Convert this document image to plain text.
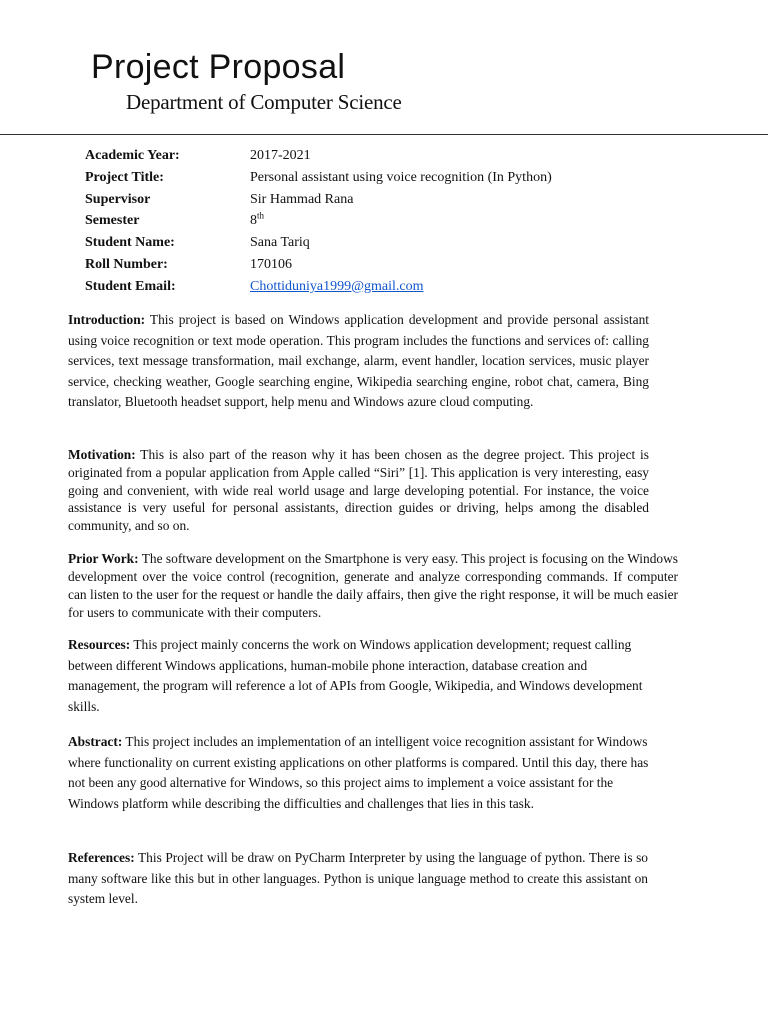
Project Proposal
Department of Computer Science
Academic Year:	2017-2021
Project Title:	Personal assistant using voice recognition (In Python)
Supervisor	Sir Hammad Rana
Semester	8th
Student Name:	Sana Tariq
Roll Number:	170106
Student Email:	Chottiduniya1999@gmail.com

Introduction: This project is based on Windows application development and provide personal assistant using voice recognition or text mode operation. This program includes the functions and services of: calling services, text message transformation, mail exchange, alarm, event handler, location services, music player service, checking weather, Google searching engine, Wikipedia searching engine, robot chat, camera, Bing translator, Bluetooth headset support, help menu and Windows azure cloud computing.

Motivation: This is also part of the reason why it has been chosen as the degree project. This project is originated from a popular application from Apple called “Siri” [1]. This application is very interesting, easy going and convenient, with wide real world usage and large developing potential. For instance, the voice assistance is very useful for personal assistants, direction guides or driving, helps among the disabled community, and so on.

Prior Work: The software development on the Smartphone is very easy. This project is focusing on the Windows development over the voice control (recognition, generate and analyze corresponding commands. If computer can listen to the user for the request or handle the daily affairs, then give the right response, it will be much easier for users to communicate with their computers.

Resources: This project mainly concerns the work on Windows application development; request calling between different Windows applications, human-mobile phone interaction, database creation and management, the program will reference a lot of APIs from Google, Wikipedia, and Windows development skills.

Abstract: This project includes an implementation of an intelligent voice recognition assistant for Windows where functionality on current existing applications on other platforms is compared. Until this day, there has not been any good alternative for Windows, so this project aims to implement a voice assistant for the Windows platform while describing the difficulties and challenges that lies in this task.

References: This Project will be draw on PyCharm Interpreter by using the language of python. There is so many software like this but in other languages. Python is unique language method to create this assistant on system level.
